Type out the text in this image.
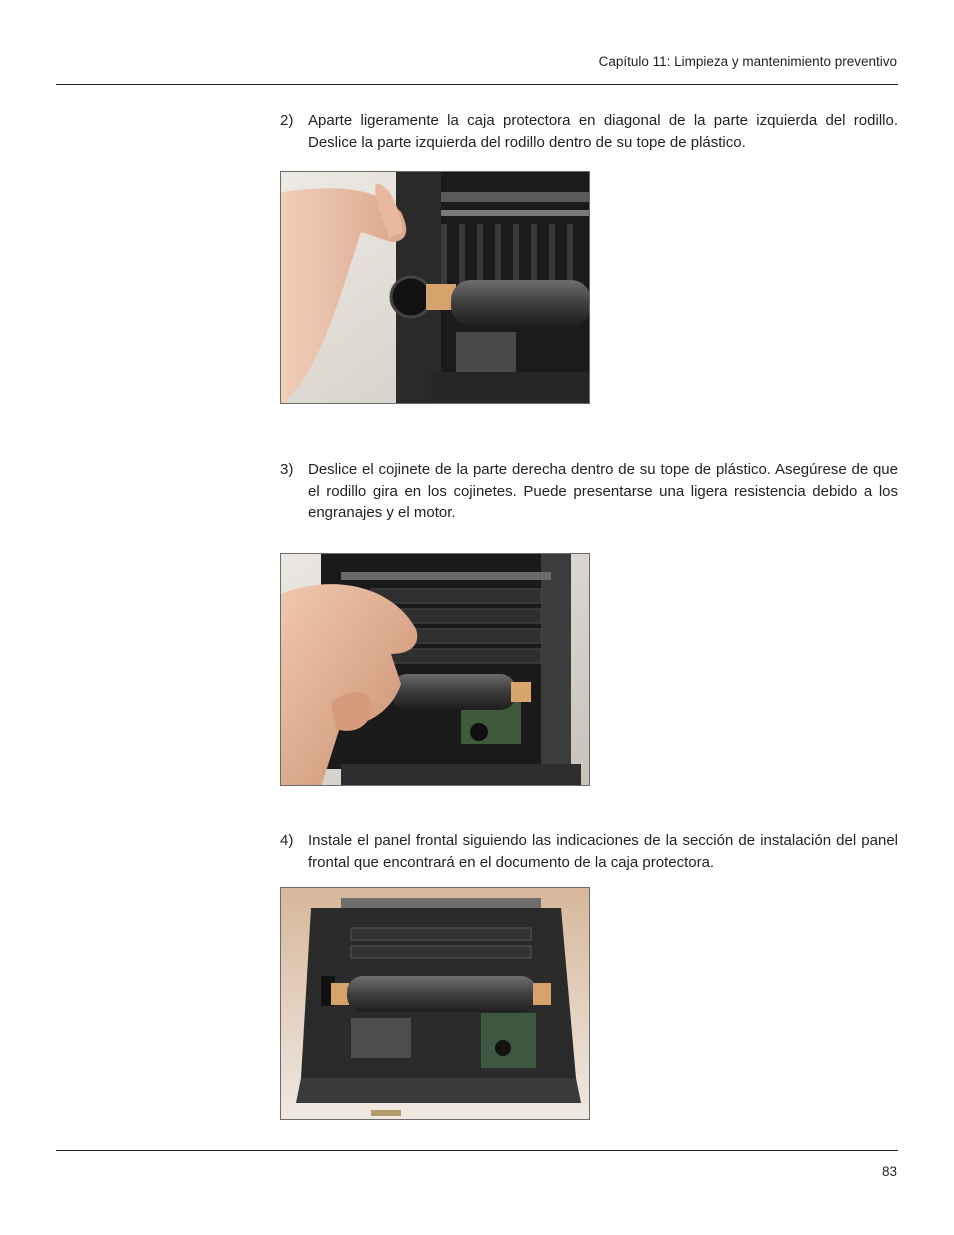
Capítulo 11: Limpieza y mantenimiento preventivo
2) Aparte ligeramente la caja protectora en diagonal de la parte izquierda del rodillo. Deslice la parte izquierda del rodillo dentro de su tope de plástico.
3) Deslice el cojinete de la parte derecha dentro de su tope de plástico. Asegúrese de que el rodillo gira en los cojinetes. Puede presentarse una ligera resistencia debido a los engranajes y el motor.
4) Instale el panel frontal siguiendo las indicaciones de la sección de instalación del panel frontal que encontrará en el documento de la caja protectora.
83
